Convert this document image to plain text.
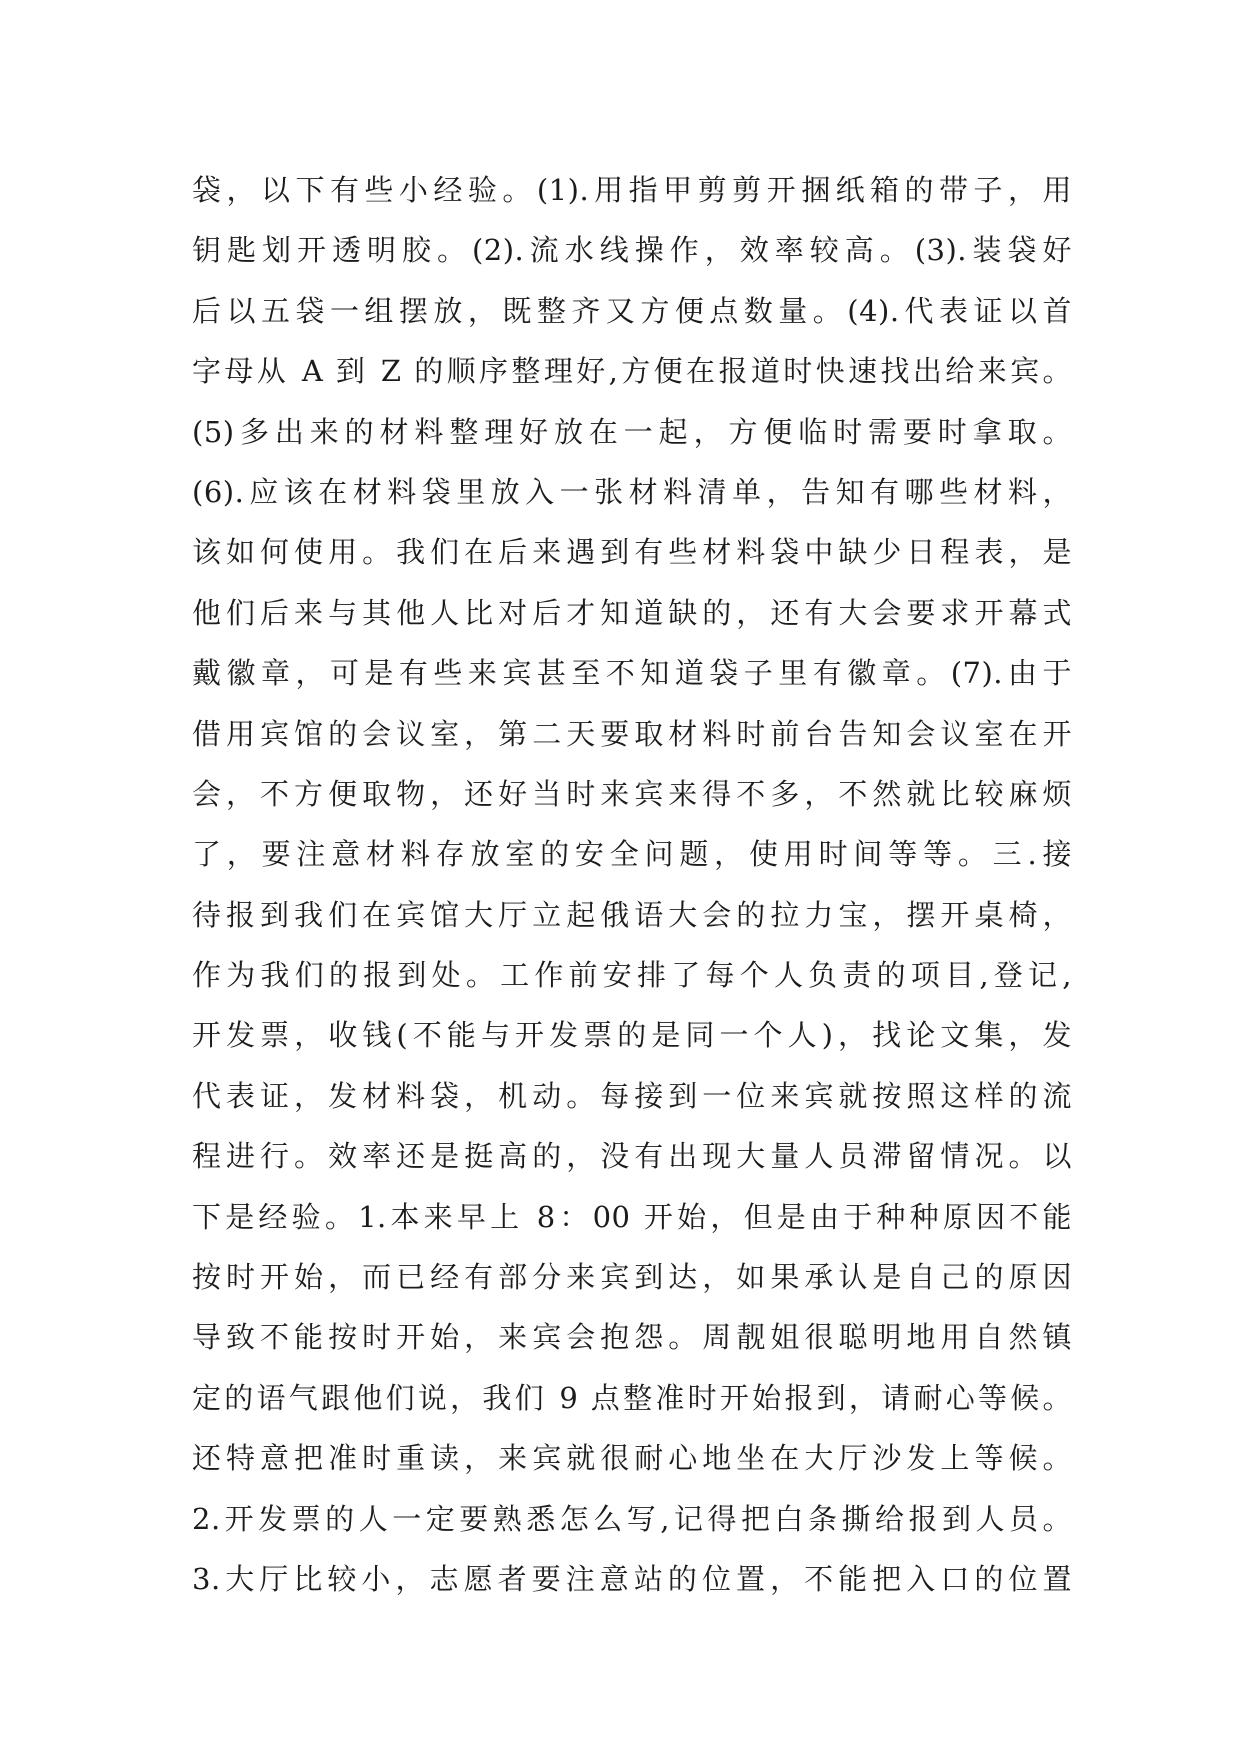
袋，以下有些小经验。(1).用指甲剪剪开捆纸箱的带子，用
钥匙划开透明胶。(2).流水线操作，效率较高。(3).装袋好
后以五袋一组摆放，既整齐又方便点数量。(4).代表证以首
字母从 A 到 Z 的顺序整理好,方便在报道时快速找出给来宾。
(5)多出来的材料整理好放在一起，方便临时需要时拿取。
(6).应该在材料袋里放入一张材料清单，告知有哪些材料，
该如何使用。我们在后来遇到有些材料袋中缺少日程表，是
他们后来与其他人比对后才知道缺的，还有大会要求开幕式
戴徽章，可是有些来宾甚至不知道袋子里有徽章。(7).由于
借用宾馆的会议室，第二天要取材料时前台告知会议室在开
会，不方便取物，还好当时来宾来得不多，不然就比较麻烦
了，要注意材料存放室的安全问题，使用时间等等。三.接
待报到我们在宾馆大厅立起俄语大会的拉力宝，摆开桌椅，
作为我们的报到处。工作前安排了每个人负责的项目,登记,
开发票，收钱(不能与开发票的是同一个人)，找论文集，发
代表证，发材料袋，机动。每接到一位来宾就按照这样的流
程进行。效率还是挺高的，没有出现大量人员滞留情况。以
下是经验。1.本来早上 8：00 开始，但是由于种种原因不能
按时开始，而已经有部分来宾到达，如果承认是自己的原因
导致不能按时开始，来宾会抱怨。周靓姐很聪明地用自然镇
定的语气跟他们说，我们 9 点整准时开始报到，请耐心等候。
还特意把准时重读，来宾就很耐心地坐在大厅沙发上等候。
2.开发票的人一定要熟悉怎么写,记得把白条撕给报到人员。
3.大厅比较小，志愿者要注意站的位置，不能把入口的位置
